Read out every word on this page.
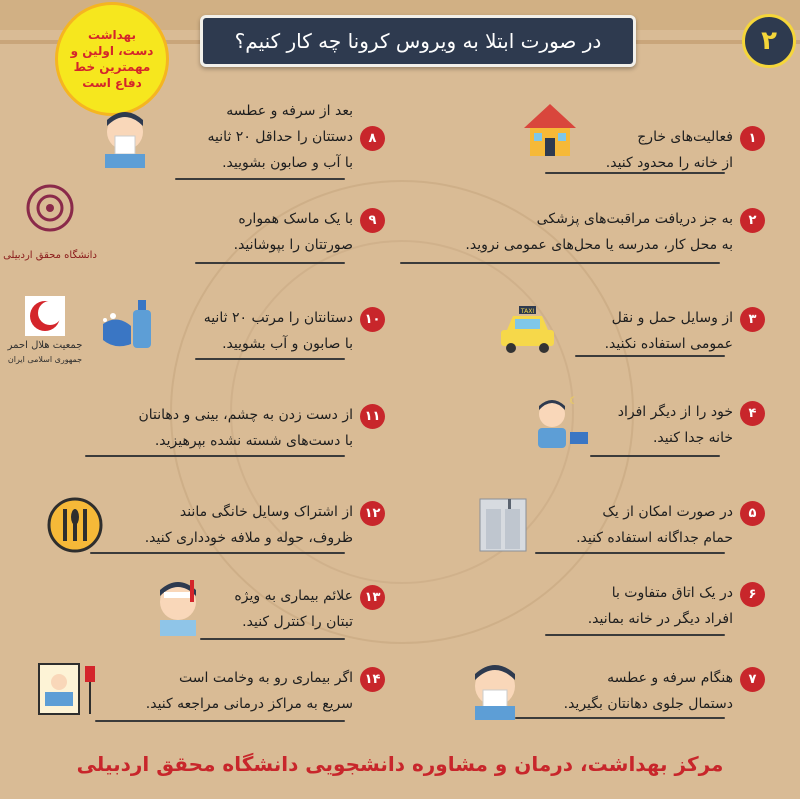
در صورت ابتلا به ویروس کرونا چه کار کنیم؟	۲
بهداشت دست، اولین و مهمترین خط دفاع است
۱
فعالیت‌های خارج
از خانه را محدود کنید.
۲
به جز دریافت مراقبت‌های پزشکی
به محل کار، مدرسه یا محل‌های عمومی نروید.
۳
از وسایل حمل و نقل
عمومی استفاده نکنید.
۴
خود را از دیگر افراد
خانه جدا کنید.
۵
در صورت امکان از یک
حمام جداگانه استفاده کنید.
۶
در یک اتاق متفاوت با
افراد دیگر در خانه بمانید.
۷
هنگام سرفه و عطسه
دستمال جلوی دهانتان بگیرید.
۸
بعد از سرفه و عطسه
دستتان را حداقل ۲۰ ثانیه
با آب و صابون بشویید.
۹
با یک ماسک همواره
صورتتان را بپوشانید.
۱۰
دستانتان را مرتب ۲۰ ثانیه
با صابون و آب بشویید.
۱۱
از دست زدن به چشم، بینی و دهانتان
با دست‌های شسته نشده بپرهیزید.
۱۲
از اشتراک وسایل خانگی مانند
ظروف، حوله و ملافه خودداری کنید.
۱۳
علائم بیماری به ویژه
تبتان را کنترل کنید.
۱۴
اگر بیماری رو به وخامت است
سریع به مراکز درمانی مراجعه کنید.
TAXI
☾
دانشگاه محقق اردبیلی
جمعیت هلال احمر
جمهوری اسلامی ایران
مرکز بهداشت، درمان و مشاوره دانشجویی دانشگاه محقق اردبیلی
